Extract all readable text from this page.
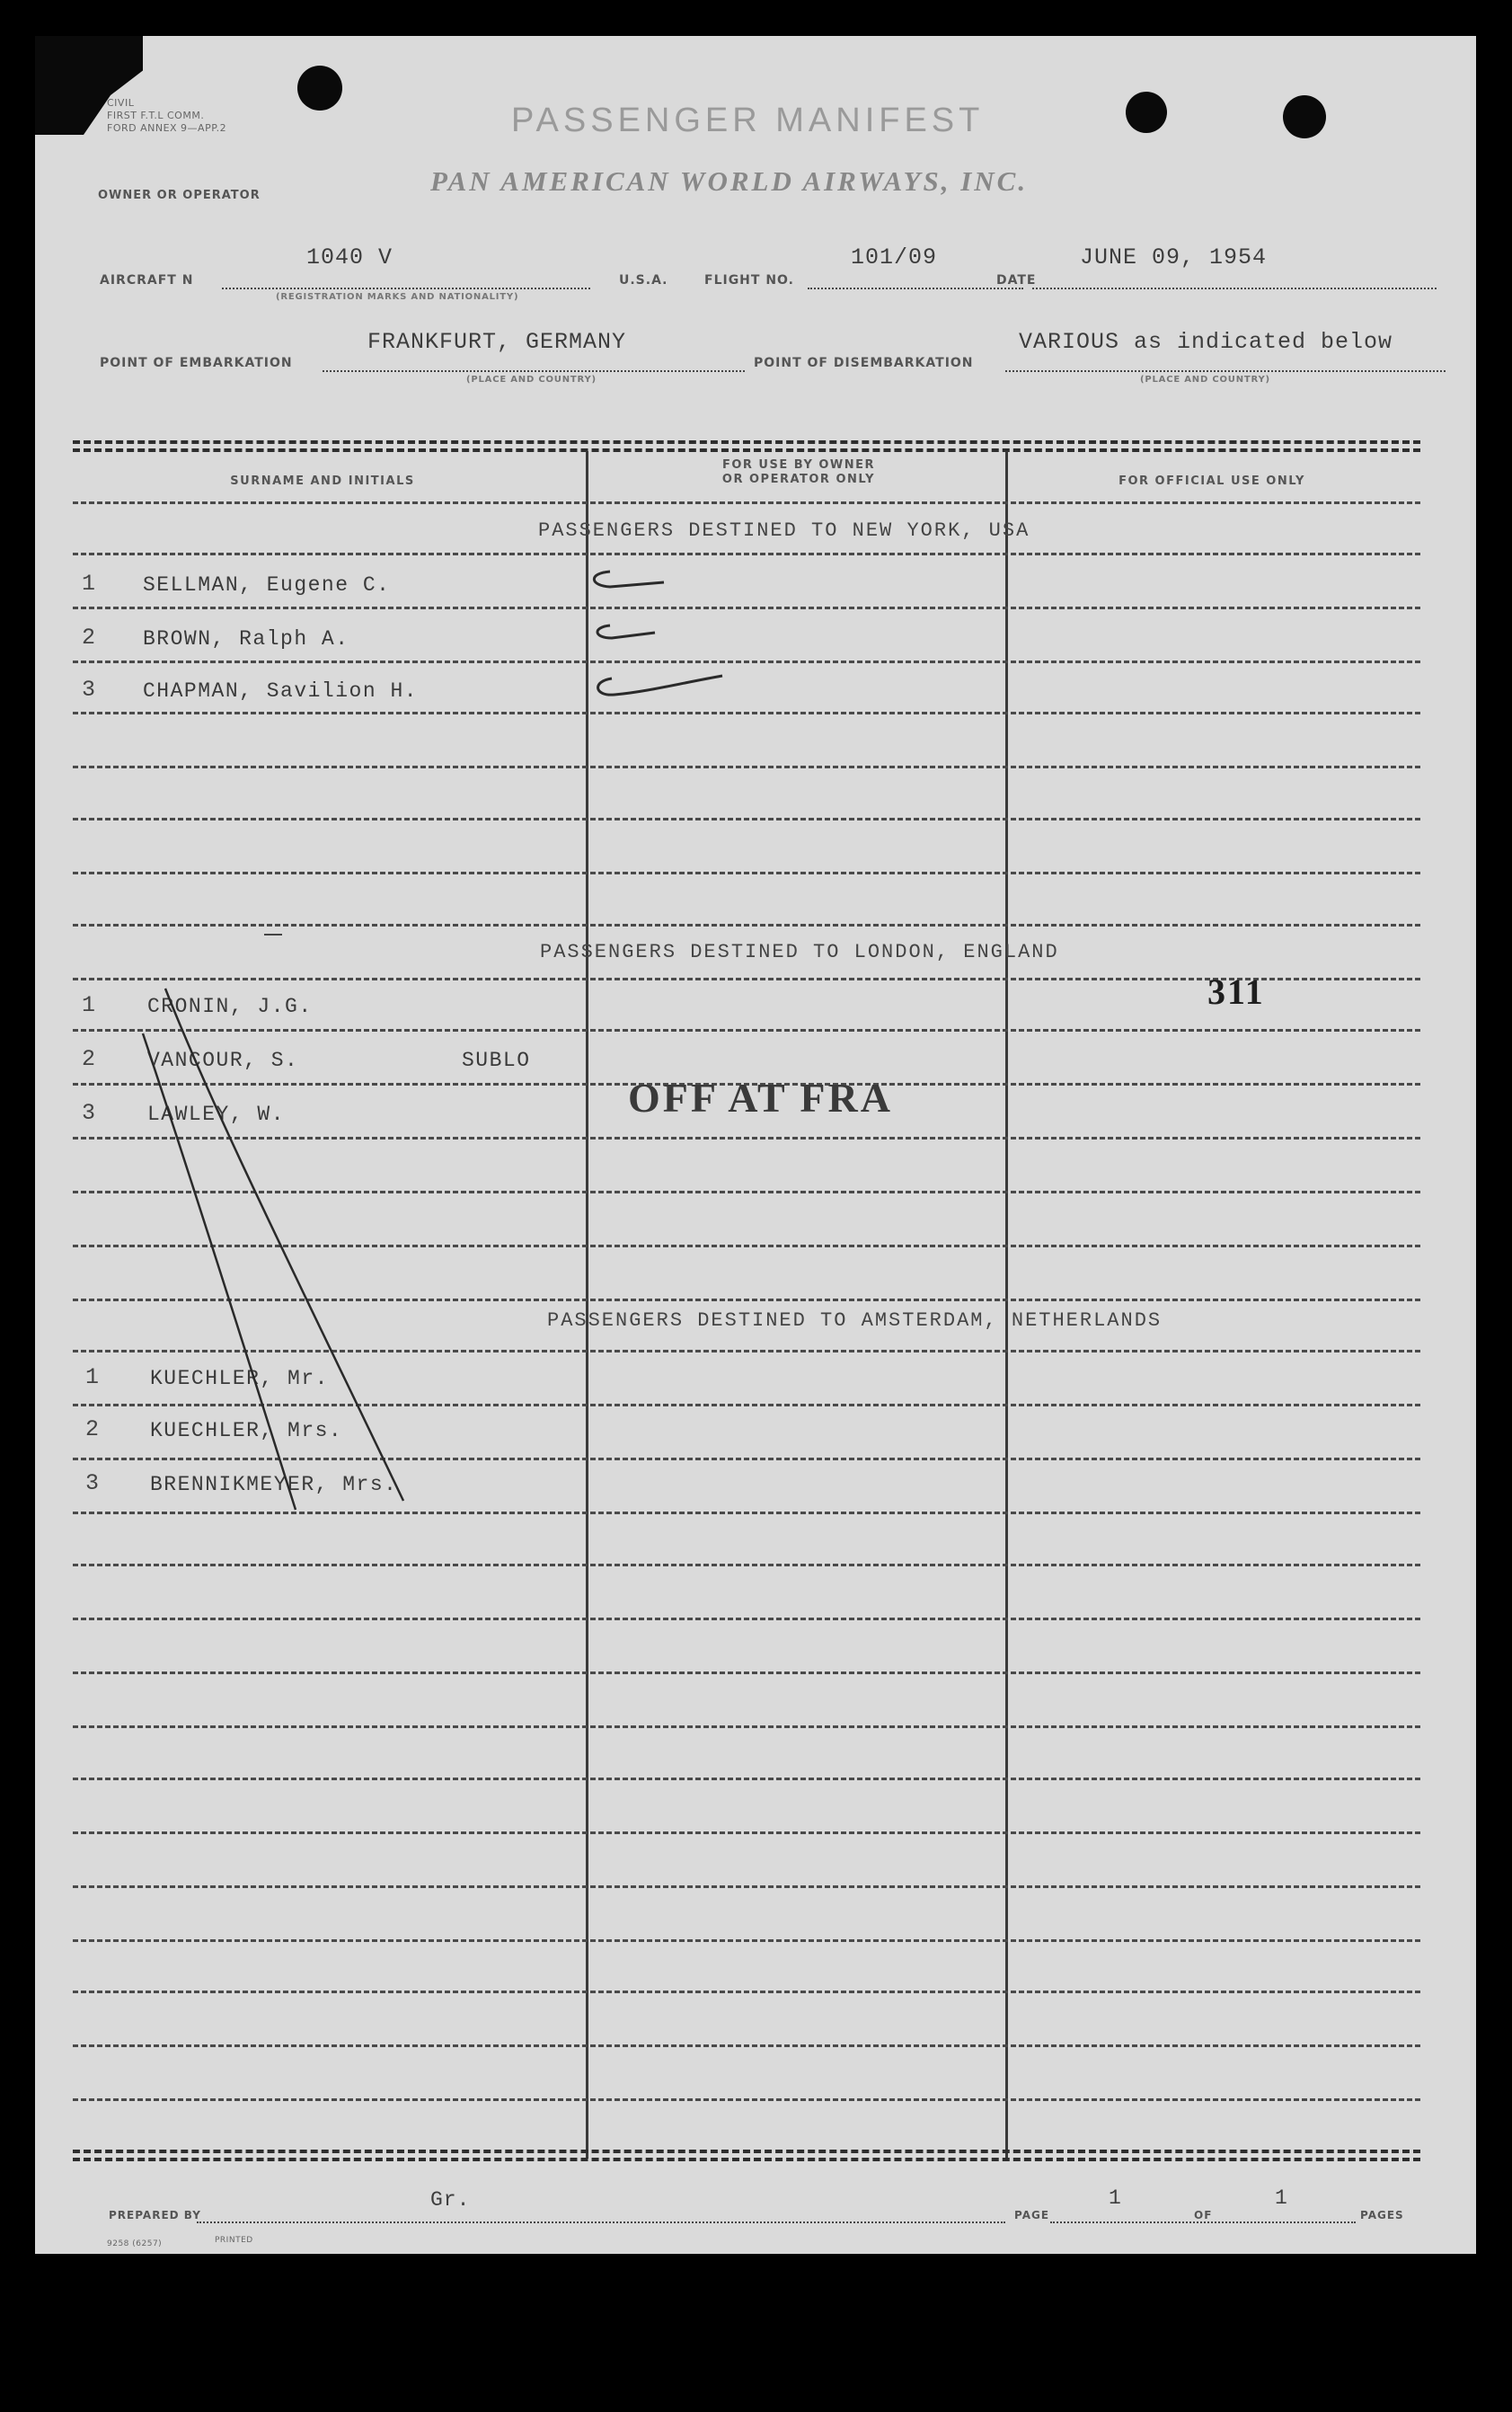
CIVIL
FIRST F.T.L COMM.
FORD ANNEX 9—APP.2	PASSENGER MANIFEST
OWNER OR OPERATOR	PAN AMERICAN WORLD AIRWAYS, INC.
AIRCRAFT N
1040 V
(REGISTRATION MARKS AND NATIONALITY)
U.S.A.	FLIGHT NO.
101/09
DATE
JUNE 09, 1954
POINT OF EMBARKATION
FRANKFURT, GERMANY
(PLACE AND COUNTRY)
POINT OF DISEMBARKATION
VARIOUS as indicated below
(PLACE AND COUNTRY)
SURNAME AND INITIALS
FOR USE BY OWNER
OR OPERATOR ONLY	FOR OFFICIAL USE ONLY
PASSENGERS DESTINED TO NEW YORK, USA
1 SELLMAN, Eugene C.
2 BROWN, Ralph A.
3 CHAPMAN, Savilion H.
PASSENGERS DESTINED TO LONDON, ENGLAND
1	CRONIN, J.G.
2	VANCOUR, S.	SUBLO
3	LAWLEY, W.
PASSENGERS DESTINED TO AMSTERDAM, NETHERLANDS
1 KUECHLER, Mr.
2 KUECHLER, Mrs.
3 BRENNIKMEYER, Mrs.
OFF AT FRA
311
Gr.
PREPARED BY	PAGE
1
OF
1
PAGES
9258 (6257)	PRINTED
